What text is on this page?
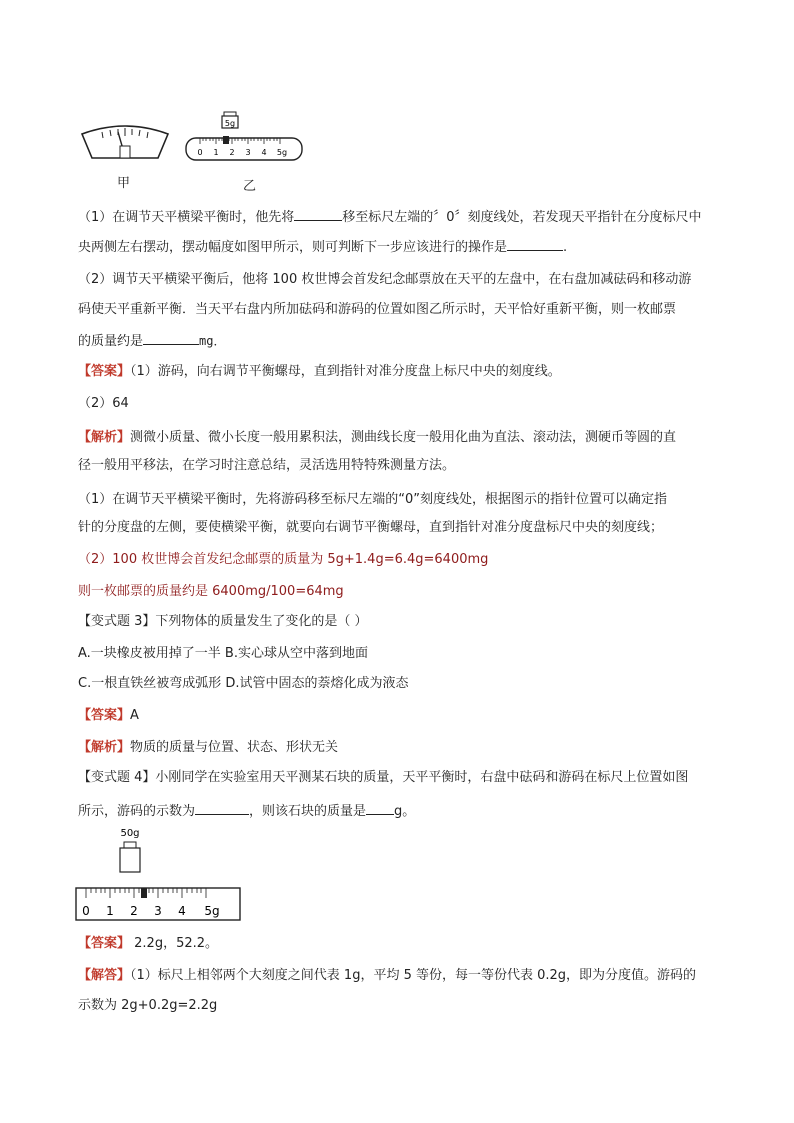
甲
5g
0 1 2 3 4 5g
乙
（1）在调节天平横梁平衡时，他先将	移至标尺左端的〞0〞刻度线处，若发现天平指针在分度标尺中
央两侧左右摆动，摆动幅度如图甲所示，则可判断下一步应该进行的操作是	.
（2）调节天平横梁平衡后，他将 100 枚世博会首发纪念邮票放在天平的左盘中，在右盘加减砝码和移动游
码使天平重新平衡．当天平右盘内所加砝码和游码的位置如图乙所示时，天平恰好重新平衡，则一枚邮票
的质量约是	mg．
【答案】（1）游码，向右调节平衡螺母，直到指针对准分度盘上标尺中央的刻度线。
（2）64
【解析】测微小质量、微小长度一般用累积法，测曲线长度一般用化曲为直法、滚动法，测硬币等圆的直
径一般用平移法，在学习时注意总结，灵活选用特特殊测量方法。
（1）在调节天平横梁平衡时，先将游码移至标尺左端的“0”刻度线处，根据图示的指针位置可以确定指
针的分度盘的左侧，要使横梁平衡，就要向右调节平衡螺母，直到指针对准分度盘标尺中央的刻度线；
（2）100 枚世博会首发纪念邮票的质量为 5g+1.4g=6.4g=6400mg
则一枚邮票的质量约是 6400mg/100=64mg
【变式题 3】下列物体的质量发生了变化的是（ ）
A.一块橡皮被用掉了一半 B.实心球从空中落到地面
C.一根直铁丝被弯成弧形 D.试管中固态的萘熔化成为液态
【答案】A
【解析】物质的质量与位置、状态、形状无关
【变式题 4】小刚同学在实验室用天平测某石块的质量，天平平衡时，右盘中砝码和游码在标尺上位置如图
所示，游码的示数为	，则该石块的质量是 g。
50g
0 1 2 3 4 5g
【答案】 2.2g，52.2。
【解答】（1）标尺上相邻两个大刻度之间代表 1g，平均 5 等份，每一等份代表 0.2g，即为分度值。游码的
示数为 2g+0.2g=2.2g
